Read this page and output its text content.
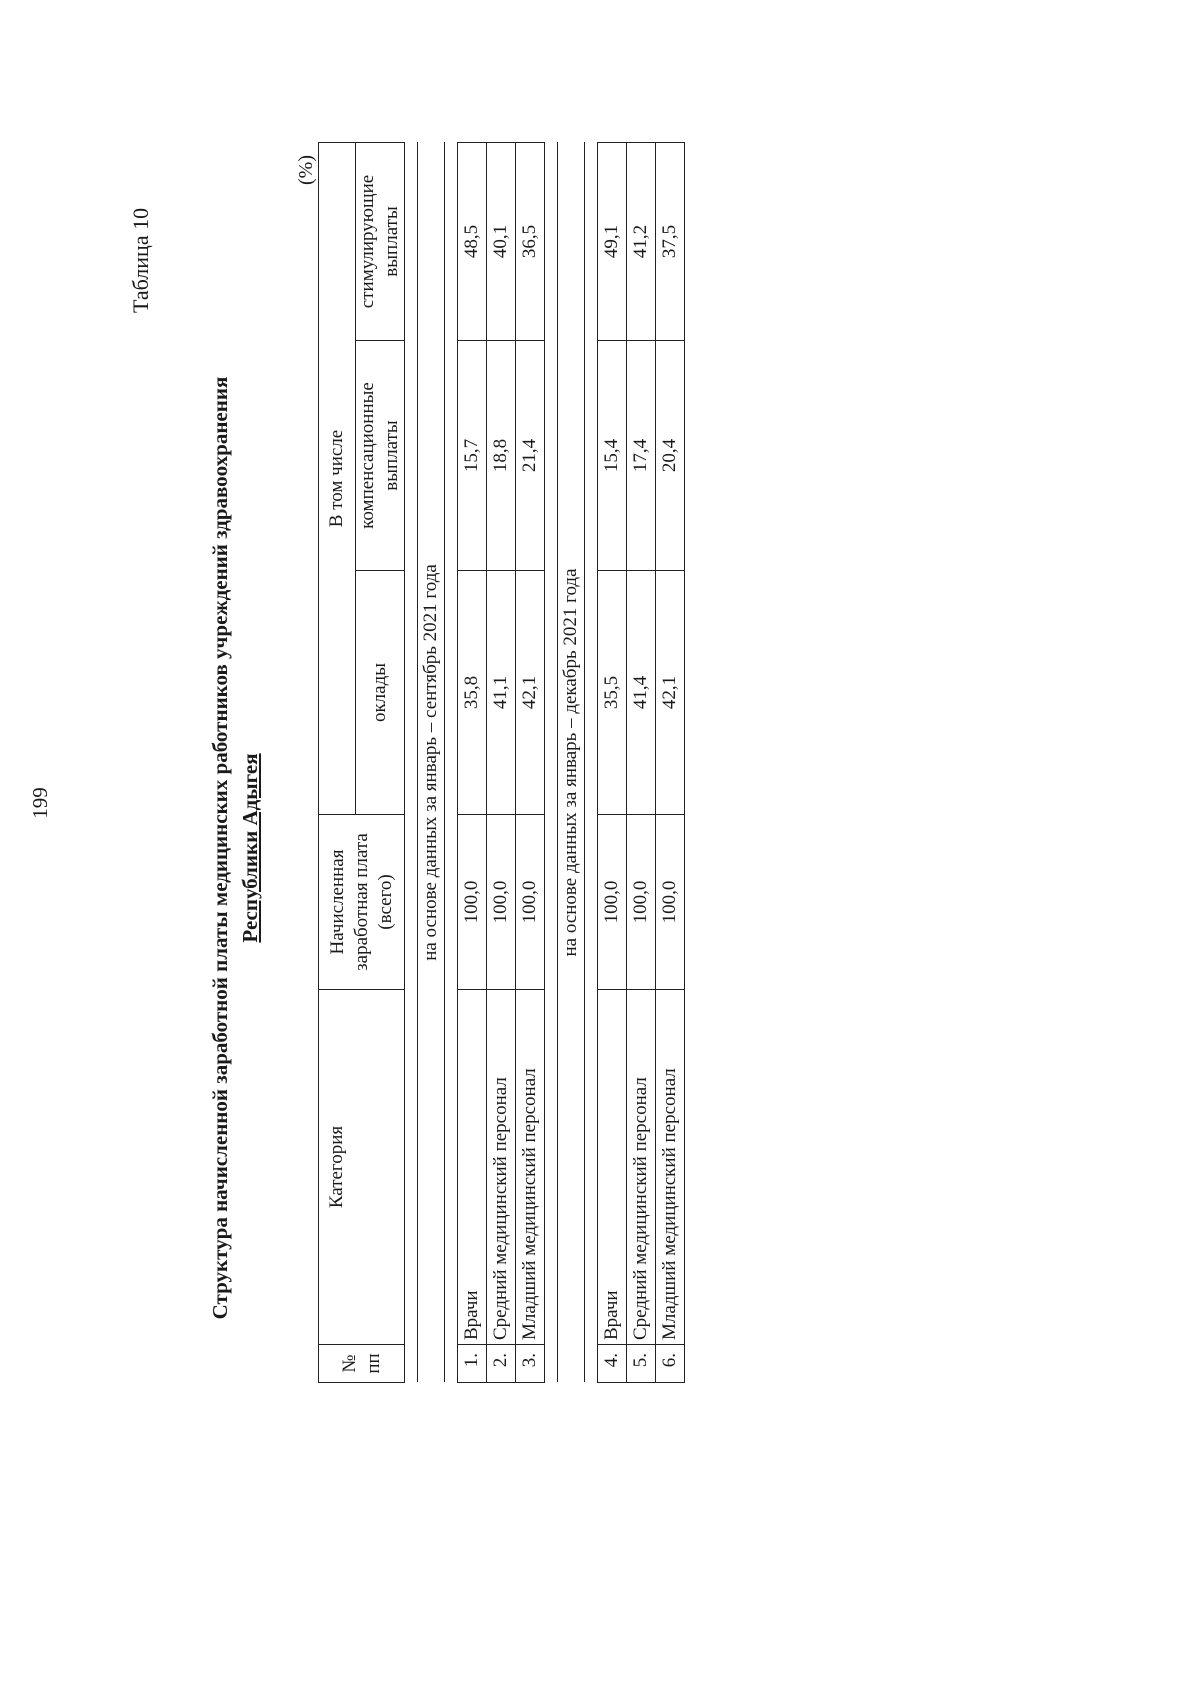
199
Таблица 10
Структура начисленной заработной платы медицинских работников учреждений здравоохранения Республики Адыгея
(%)
№ пп	Категория	Начисленная заработная плата (всего)	В том числе		
			оклады	компенсационные выплаты	стимулирующие выплаты

на основе данных за январь – сентябрь 2021 года					

1.	Врачи	100,0	35,8	15,7	48,5
2.	Средний медицинский персонал	100,0	41,1	18,8	40,1
3.	Младший медицинский персонал	100,0	42,1	21,4	36,5

на основе данных за январь – декабрь 2021 года					

4.	Врачи	100,0	35,5	15,4	49,1
5.	Средний медицинский персонал	100,0	41,4	17,4	41,2
6.	Младший медицинский персонал	100,0	42,1	20,4	37,5
